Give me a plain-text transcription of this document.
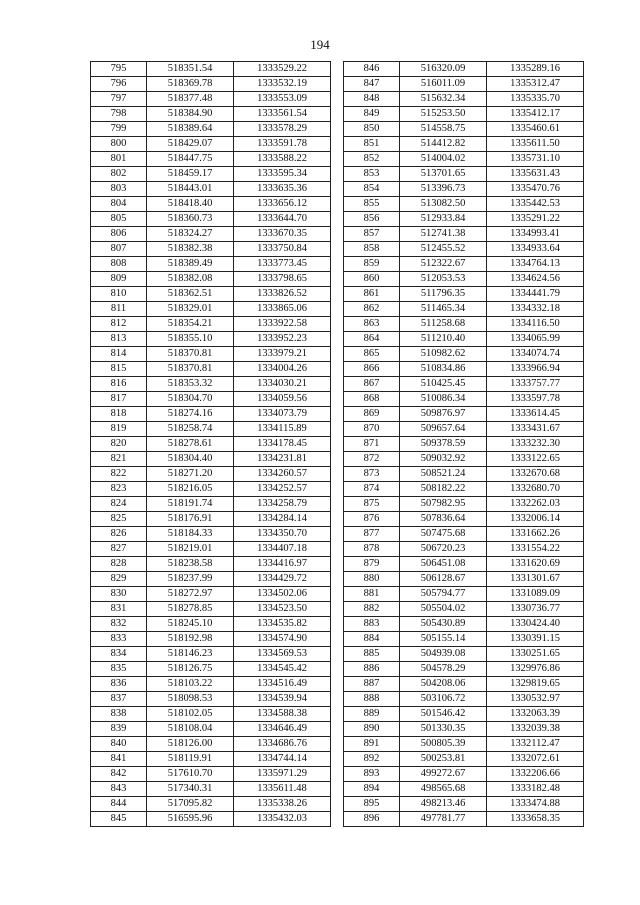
194
795	518351.54	1333529.22
796	518369.78	1333532.19
797	518377.48	1333553.09
798	518384.90	1333561.54
799	518389.64	1333578.29
800	518429.07	1333591.78
801	518447.75	1333588.22
802	518459.17	1333595.34
803	518443.01	1333635.36
804	518418.40	1333656.12
805	518360.73	1333644.70
806	518324.27	1333670.35
807	518382.38	1333750.84
808	518389.49	1333773.45
809	518382.08	1333798.65
810	518362.51	1333826.52
811	518329.01	1333865.06
812	518354.21	1333922.58
813	518355.10	1333952.23
814	518370.81	1333979.21
815	518370.81	1334004.26
816	518353.32	1334030.21
817	518304.70	1334059.56
818	518274.16	1334073.79
819	518258.74	1334115.89
820	518278.61	1334178.45
821	518304.40	1334231.81
822	518271.20	1334260.57
823	518216.05	1334252.57
824	518191.74	1334258.79
825	518176.91	1334284.14
826	518184.33	1334350.70
827	518219.01	1334407.18
828	518238.58	1334416.97
829	518237.99	1334429.72
830	518272.97	1334502.06
831	518278.85	1334523.50
832	518245.10	1334535.82
833	518192.98	1334574.90
834	518146.23	1334569.53
835	518126.75	1334545.42
836	518103.22	1334516.49
837	518098.53	1334539.94
838	518102.05	1334588.38
839	518108.04	1334646.49
840	518126.00	1334686.76
841	518119.91	1334744.14
842	517610.70	1335971.29
843	517340.31	1335611.48
844	517095.82	1335338.26
845	516595.96	1335432.03
846	516320.09	1335289.16
847	516011.09	1335312.47
848	515632.34	1335335.70
849	515253.50	1335412.17
850	514558.75	1335460.61
851	514412.82	1335611.50
852	514004.02	1335731.10
853	513701.65	1335631.43
854	513396.73	1335470.76
855	513082.50	1335442.53
856	512933.84	1335291.22
857	512741.38	1334993.41
858	512455.52	1334933.64
859	512322.67	1334764.13
860	512053.53	1334624.56
861	511796.35	1334441.79
862	511465.34	1334332.18
863	511258.68	1334116.50
864	511210.40	1334065.99
865	510982.62	1334074.74
866	510834.86	1333966.94
867	510425.45	1333757.77
868	510086.34	1333597.78
869	509876.97	1333614.45
870	509657.64	1333431.67
871	509378.59	1333232.30
872	509032.92	1333122.65
873	508521.24	1332670.68
874	508182.22	1332680.70
875	507982.95	1332262.03
876	507836.64	1332006.14
877	507475.68	1331662.26
878	506720.23	1331554.22
879	506451.08	1331620.69
880	506128.67	1331301.67
881	505794.77	1331089.09
882	505504.02	1330736.77
883	505430.89	1330424.40
884	505155.14	1330391.15
885	504939.08	1330251.65
886	504578.29	1329976.86
887	504208.06	1329819.65
888	503106.72	1330532.97
889	501546.42	1332063.39
890	501330.35	1332039.38
891	500805.39	1332112.47
892	500253.81	1332072.61
893	499272.67	1332206.66
894	498565.68	1333182.48
895	498213.46	1333474.88
896	497781.77	1333658.35
